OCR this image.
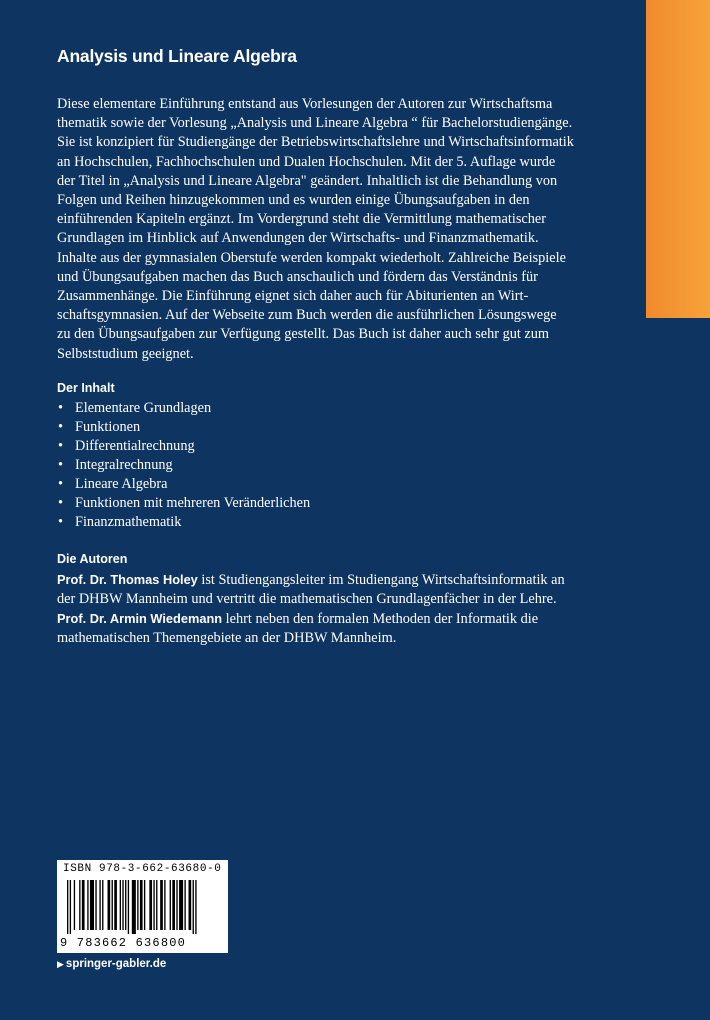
Analysis und Lineare Algebra

Diese elementare Einführung entstand aus Vorlesungen der Autoren zur Wirtschaftsma

thematik sowie der Vorlesung „Analysis und Lineare Algebra “ für Bachelorstudiengänge.

Sie ist konzipiert für Studiengänge der Betriebswirtschaftslehre und Wirtschaftsinformatik

an Hochschulen, Fachhochschulen und Dualen Hochschulen. Mit der 5. Auflage wurde

der Titel in „Analysis und Lineare Algebra" geändert. Inhaltlich ist die Behandlung von

Folgen und Reihen hinzugekommen und es wurden einige Übungsaufgaben in den

einführenden Kapiteln ergänzt. Im Vordergrund steht die Vermittlung mathematischer

Grundlagen im Hinblick auf Anwendungen der Wirtschafts- und Finanzmathematik.

Inhalte aus der gymnasialen Oberstufe werden kompakt wiederholt. Zahlreiche Beispiele

und Übungsaufgaben machen das Buch anschaulich und fördern das Verständnis für

Zusammenhänge. Die Einführung eignet sich daher auch für Abiturienten an Wirt-

schaftsgymnasien. Auf der Webseite zum Buch werden die ausführlichen Lösungswege

zu den Übungsaufgaben zur Verfügung gestellt. Das Buch ist daher auch sehr gut zum

Selbststudium geeignet.

Der Inhalt
• Elementare Grundlagen
• Funktionen
• Differentialrechnung
• Integralrechnung
• Lineare Algebra
• Funktionen mit mehreren Veränderlichen
• Finanzmathematik
Die Autoren

Prof. Dr. Thomas Holey ist Studiengangsleiter im Studiengang Wirtschaftsinformatik an

der DHBW Mannheim und vertritt die mathematischen Grundlagenfächer in der Lehre.

Prof. Dr. Armin Wiedemann lehrt neben den formalen Methoden der Informatik die

mathematischen Themengebiete an der DHBW Mannheim.

ISBN 978-3-662-63680-0
9 783662 636800
▶ springer-gabler.de
